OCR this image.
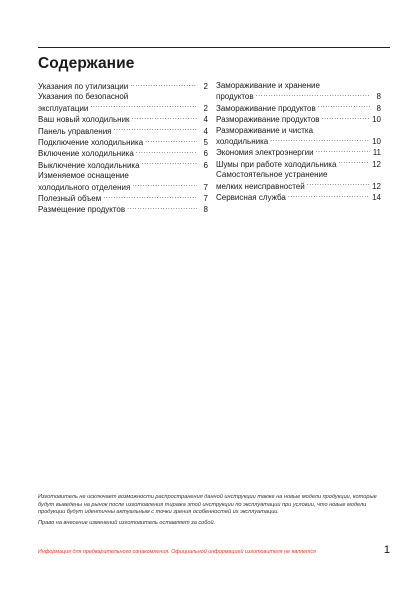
Содержание
Указания по утилизации .....	2
Указания по безопасной
эксплуатации .....	2
Ваш новый холодильник .....	4
Панель управления .....	4
Подключение холодильника .....	5
Включение холодильника .....	6
Выключение холодильника .....	6
Изменяемое оснащение
холодильного отделения .....	7
Полезный объем .....	7
Размещение продуктов .....	8
Замораживание и хранение
продуктов .....	8
Замораживание продуктов .....	8
Размораживание продуктов .....	10
Размораживание и чистка
холодильника .....	10
Экономия электроэнергии .....	11
Шумы при работе холодильника .....	12
Самостоятельное устранение
мелких неисправностей .....	12
Сервисная служба .....	14

Изготовитель не исключает возможности распространения данной инструкции также на новые модели продукции, которые будут выведены на рынок после изготовления тиража этой инструкции по эксплуатации при условии, что новые модели продукции будут идентичны актуальным с точки зрения особенностей их эксплуатации.

Право на внесение изменений изготовитель оставляет за собой.

Информация для предварительного ознакомления. Официальной информацией изготовителя не является	1
